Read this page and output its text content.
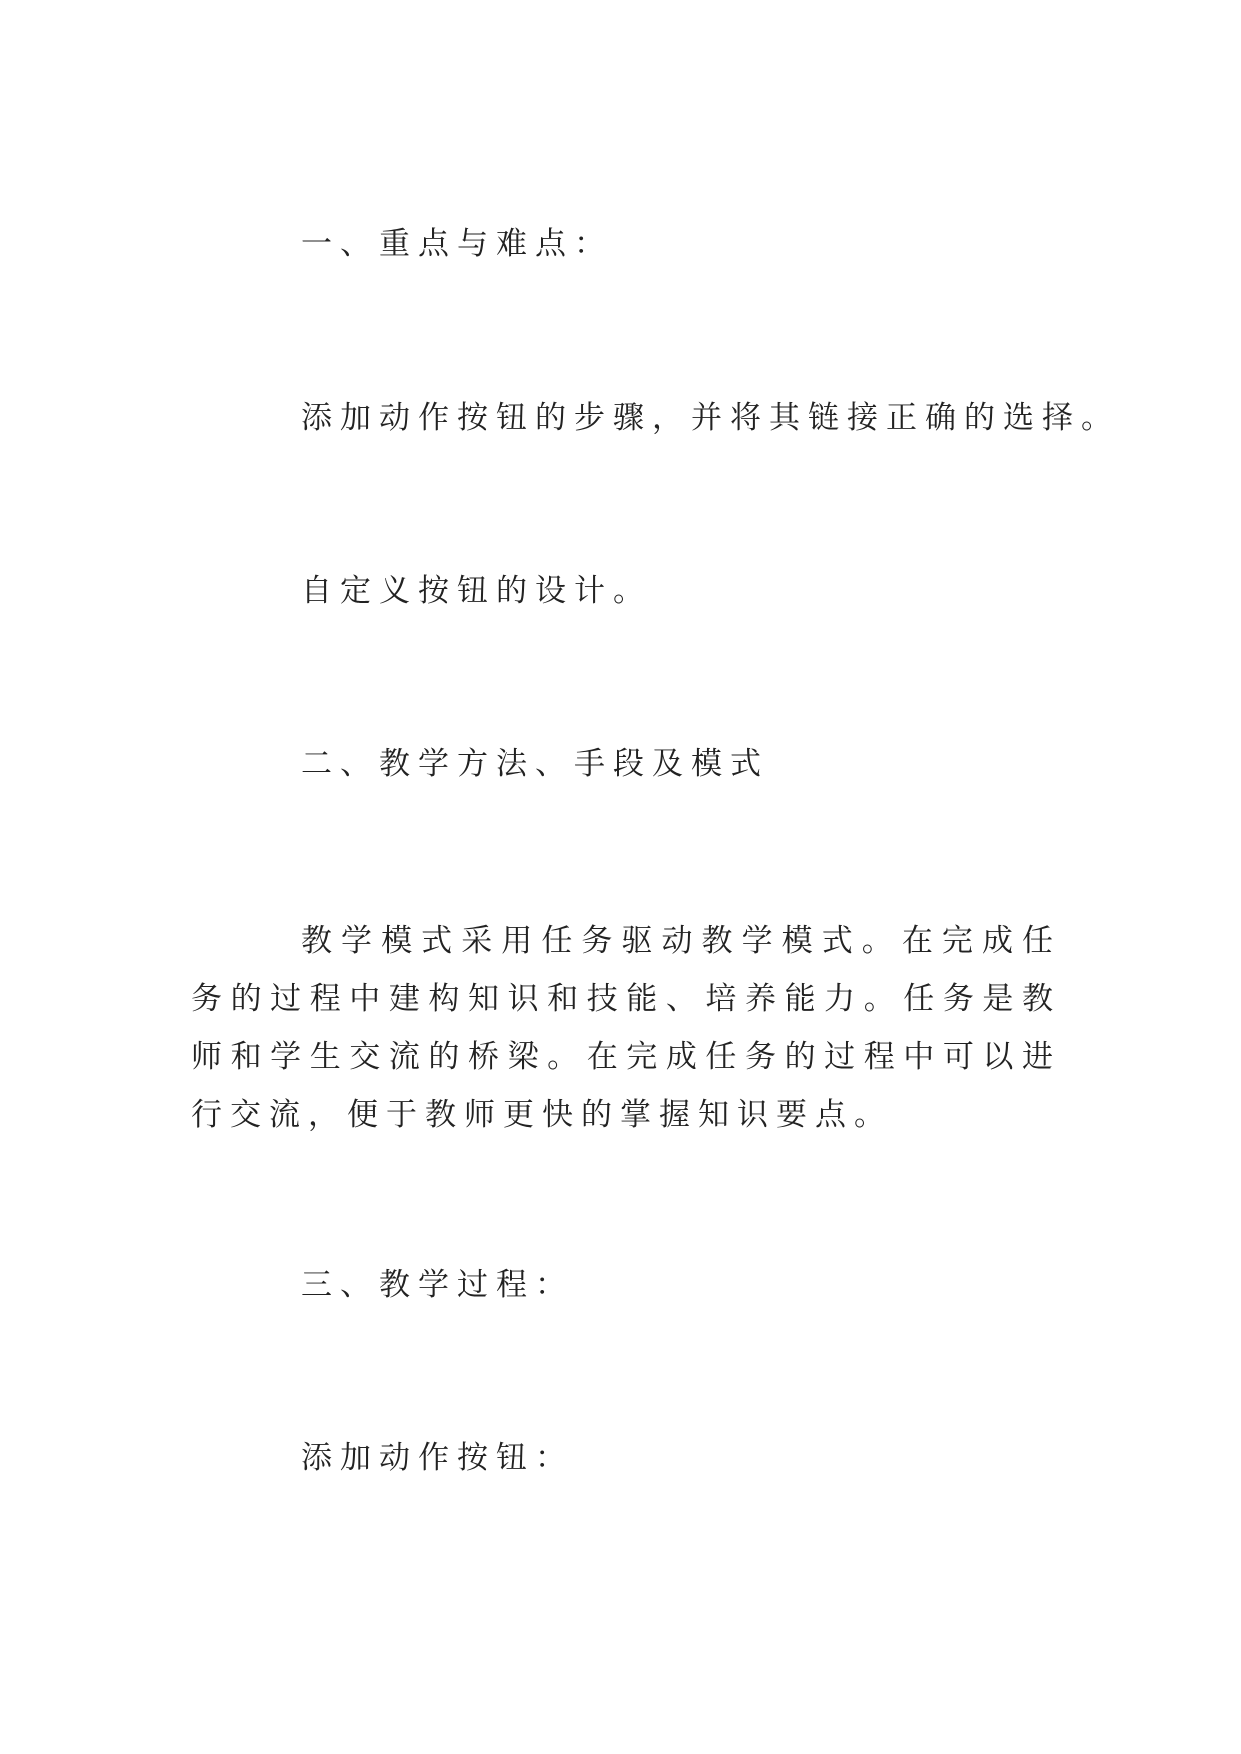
一、重点与难点：

添加动作按钮的步骤，并将其链接正确的选择。

自定义按钮的设计。

二、教学方法、手段及模式

教学模式采用任务驱动教学模式。在完成任务的过程中建构知识和技能、培养能力。任务是教师和学生交流的桥梁。在完成任务的过程中可以进行交流，便于教师更快的掌握知识要点。

三、教学过程：

添加动作按钮：
